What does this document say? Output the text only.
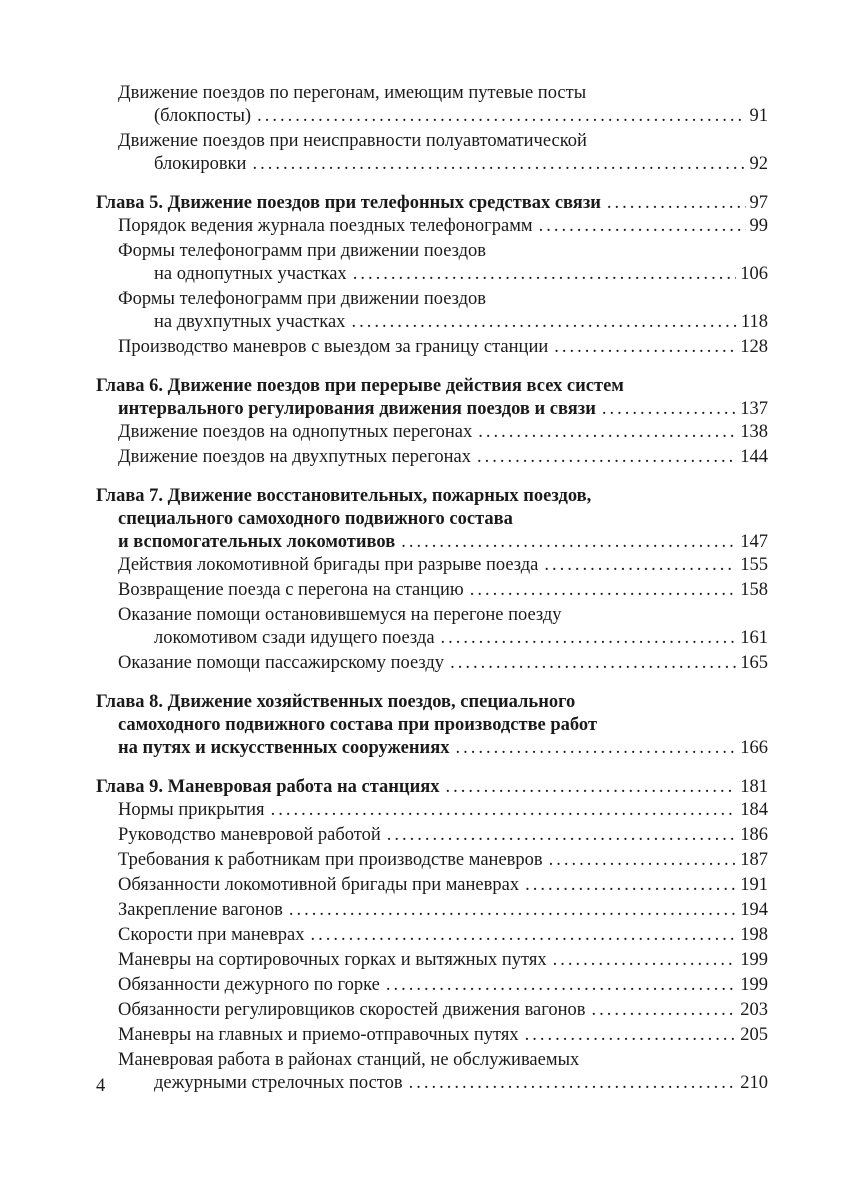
Движение поездов по перегонам, имеющим путевые посты
(блокпосты) .....	91
Движение поездов при неисправности полуавтоматической
блокировки .....	92
Глава 5. Движение поездов при телефонных средствах связи .....	97
Порядок ведения журнала поездных телефонограмм .....	99
Формы телефонограмм при движении поездов
на однопутных участках .....	106
Формы телефонограмм при движении поездов
на двухпутных участках .....	118
Производство маневров с выездом за границу станции .....	128
Глава 6. Движение поездов при перерыве действия всех систем
интервального регулирования движения поездов и связи .....	137
Движение поездов на однопутных перегонах .....	138
Движение поездов на двухпутных перегонах .....	144
Глава 7. Движение восстановительных, пожарных поездов,
специального самоходного подвижного состава
и вспомогательных локомотивов .....	147
Действия локомотивной бригады при разрыве поезда .....	155
Возвращение поезда с перегона на станцию .....	158
Оказание помощи остановившемуся на перегоне поезду
локомотивом сзади идущего поезда .....	161
Оказание помощи пассажирскому поезду .....	165
Глава 8. Движение хозяйственных поездов, специального
самоходного подвижного состава при производстве работ
на путях и искусственных сооружениях .....	166
Глава 9. Маневровая работа на станциях .....	181
Нормы прикрытия .....	184
Руководство маневровой работой .....	186
Требования к работникам при производстве маневров .....	187
Обязанности локомотивной бригады при маневрах .....	191
Закрепление вагонов .....	194
Скорости при маневрах .....	198
Маневры на сортировочных горках и вытяжных путях .....	199
Обязанности дежурного по горке .....	199
Обязанности регулировщиков скоростей движения вагонов .....	203
Маневры на главных и приемо-отправочных путях .....	205
Маневровая работа в районах станций, не обслуживаемых
дежурными стрелочных постов .....	210
4
